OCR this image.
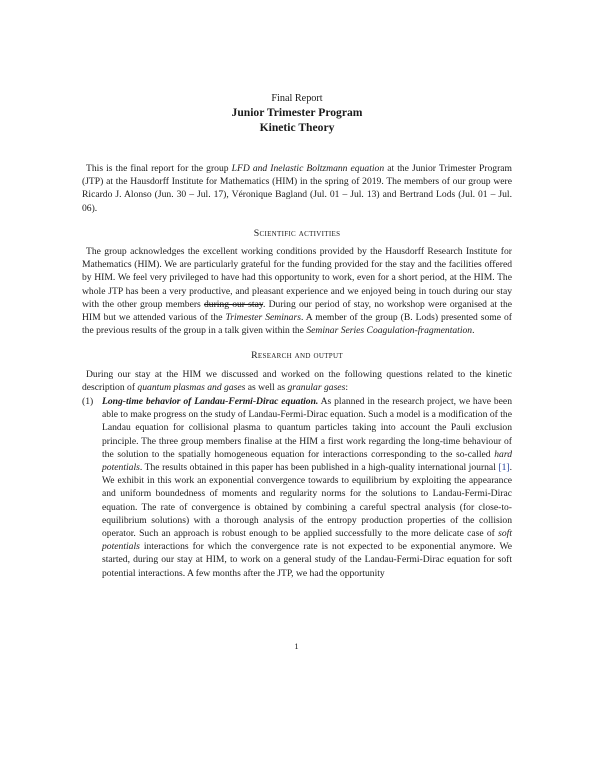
Final Report
Junior Trimester Program
Kinetic Theory

This is the final report for the group LFD and Inelastic Boltzmann equation at the Junior Trimester Program (JTP) at the Hausdorff Institute for Mathematics (HIM) in the spring of 2019. The members of our group were Ricardo J. Alonso (Jun. 30 – Jul. 17), Véronique Bagland (Jul. 01 – Jul. 13) and Bertrand Lods (Jul. 01 – Jul. 06).

Scientific activities

The group acknowledges the excellent working conditions provided by the Hausdorff Research Institute for Mathematics (HIM). We are particularly grateful for the funding provided for the stay and the facilities offered by HIM. We feel very privileged to have had this opportunity to work, even for a short period, at the HIM. The whole JTP has been a very productive, and pleasant experience and we enjoyed being in touch during our stay with the other group members during our stay. During our period of stay, no workshop were organised at the HIM but we attended various of the Trimester Seminars. A member of the group (B. Lods) presented some of the previous results of the group in a talk given within the Seminar Series Coagulation-fragmentation.

Research and output

During our stay at the HIM we discussed and worked on the following questions related to the kinetic description of quantum plasmas and gases as well as granular gases:

(1) Long-time behavior of Landau-Fermi-Dirac equation. As planned in the research project, we have been able to make progress on the study of Landau-Fermi-Dirac equation. Such a model is a modification of the Landau equation for collisional plasma to quantum particles taking into account the Pauli exclusion principle. The three group members finalise at the HIM a first work regarding the long-time behaviour of the solution to the spatially homogeneous equation for interactions corresponding to the so-called hard potentials. The results obtained in this paper has been published in a high-quality international journal [1]. We exhibit in this work an exponential convergence towards to equilibrium by exploiting the appearance and uniform boundedness of moments and regularity norms for the solutions to Landau-Fermi-Dirac equation. The rate of convergence is obtained by combining a careful spectral analysis (for close-to-equilibrium solutions) with a thorough analysis of the entropy production properties of the collision operator. Such an approach is robust enough to be applied successfully to the more delicate case of soft potentials interactions for which the convergence rate is not expected to be exponential anymore. We started, during our stay at HIM, to work on a general study of the Landau-Fermi-Dirac equation for soft potential interactions. A few months after the JTP, we had the opportunity
1
